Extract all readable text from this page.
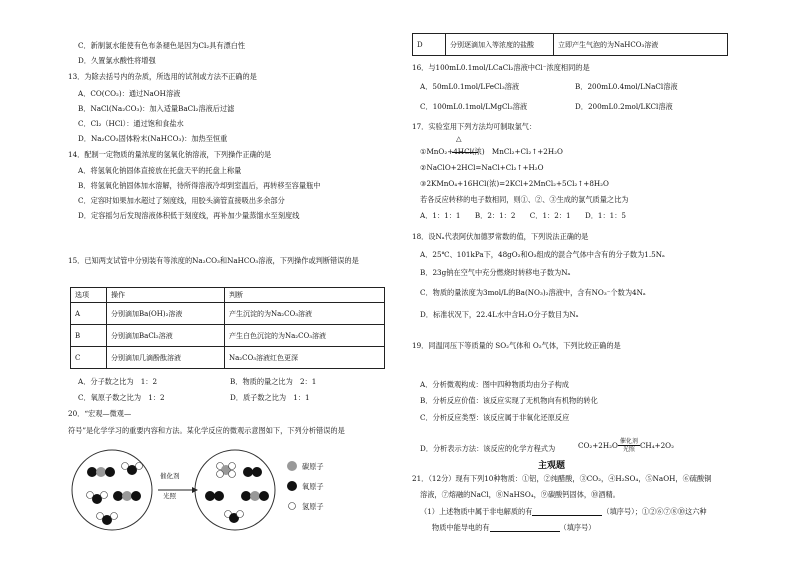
C．新制氯水能使有色布条褪色是因为Cl₂具有漂白性
D．久置氯水酸性将增强
13．为除去括号内的杂质，所选用的试剂或方法不正确的是
A．CO(CO₂)：通过NaOH溶液
B．NaCl(Na₂CO₃)：加入适量BaCl₂溶液后过滤
C．Cl₂（HCl）：通过饱和食盐水
D．Na₂CO₃固体粉末(NaHCO₃)：加热至恒重
14．配制一定物质的量浓度的氢氧化钠溶液，下列操作正确的是
A．将氢氧化钠固体直接放在托盘天平的托盘上称量
B．将氢氧化钠固体加水溶解，待所得溶液冷却到室温后，再转移至容量瓶中
C．定容时如果加水超过了刻度线，用胶头滴管直接吸出多余部分
D．定容摇匀后发现溶液体积低于刻度线，再补加少量蒸馏水至刻度线
15．已知两支试管中分别装有等浓度的Na₂CO₃和NaHCO₃溶液，下列操作或判断错误的是
选项	操作	判断
A	分别滴加Ba(OH)₂溶液	产生沉淀的为Na₂CO₃溶液
B	分别滴加BaCl₂溶液	产生白色沉淀的为Na₂CO₃溶液
C	分别滴加几滴酚酞溶液	Na₂CO₃溶液红色更深
A．分子数之比为　1：2	B．物质的量之比为　2：1
C．氧原子数之比为　1：2	D．质子数之比为　1：1
20．“宏观—微观—
符号”是化学学习的重要内容和方法。某化学反应的微观示意图如下，下列分析错误的是
催化剂
光照
碳原子
氧原子
氢原子
D	分别逐滴加入等浓度的盐酸	立即产生气泡的为NaHCO₃溶液
16．与100mL0.1mol/LCaCl₂溶液中Cl⁻浓度相同的是
A．50mL0.1mol/LFeCl₃溶液	B．200mL0.4mol/LNaCl溶液
C．100mL0.1mol/LMgCl₂溶液	D．200mL0.2mol/LKCl溶液
17．实验室用下列方法均可制取氯气：
△
①MnO₂+4HCl(浓)　MnCl₂+Cl₂↑+2H₂O
②NaClO+2HCl=NaCl+Cl₂↑+H₂O
③2KMnO₄+16HCl(浓)=2KCl+2MnCl₂+5Cl₂↑+8H₂O
若各反应转移的电子数相同，则①、②、③生成的氯气质量之比为
A．1：1：1　　B．2：1：2　　C．1：2：1　　D．1：1：5
18．设Nₐ代表阿伏加德罗常数的值，下列说法正确的是
A．25℃、101kPa下，48gO₂和O₃组成的混合气体中含有的分子数为1.5Nₐ
B．23g钠在空气中充分燃烧时转移电子数为Nₐ
C．物质的量浓度为3mol/L的Ba(NO₃)₂溶液中，含有NO₃⁻个数为4Nₐ
D．标准状况下，22.4L水中含H₂O分子数目为Nₐ
19．同温同压下等质量的 SO₂气体和 O₂气体，下列比较正确的是
A．分析微观构成：图中四种物质均由分子构成
B．分析反应价值：该反应实现了无机物向有机物的转化
C．分析反应类型：该反应属于非氧化还原反应
D．分析表示方法：该反应的化学方程式为	$CO_2+2H_2O \frac{\text{催化剂}}{\text{光照}} CH_4+2O_2$
主观题
21．（12分）现有下列10种物质：①铝，②纯醋酸，③CO₂，④H₂SO₄，⑤NaOH，⑥硫酸铜
溶液，⑦熔融的NaCl，⑧NaHSO₄，⑨碳酸钙固体，⑩酒精。
（1）上述物质中属于非电解质的有	（填序号）；①②⑥⑦⑧⑩这六种
物质中能导电的有	（填序号）
